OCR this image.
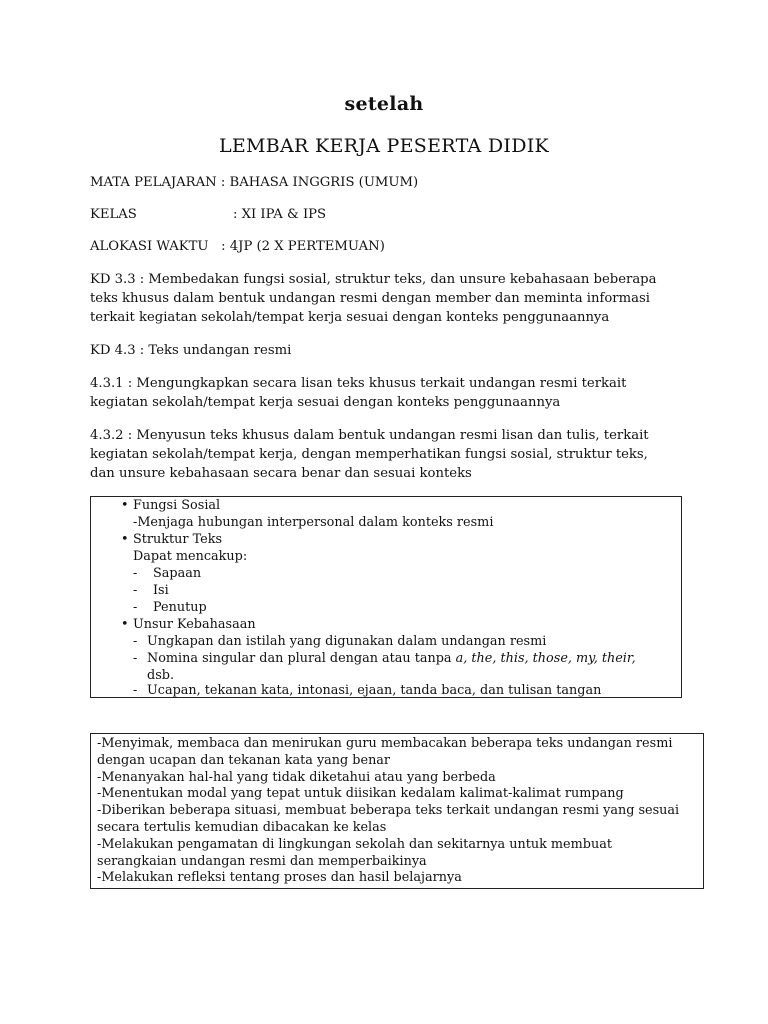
setelah
LEMBAR KERJA PESERTA DIDIK
MATA PELAJARAN : BAHASA INGGRIS (UMUM)
KELAS	: XI IPA & IPS
ALOKASI WAKTU   : 4JP (2 X PERTEMUAN)
KD 3.3 : Membedakan fungsi sosial, struktur teks, dan unsure kebahasaan beberapa
teks khusus dalam bentuk undangan resmi dengan member dan meminta informasi
terkait kegiatan sekolah/tempat kerja sesuai dengan konteks penggunaannya
KD 4.3 : Teks undangan resmi
4.3.1 : Mengungkapkan secara lisan teks khusus terkait undangan resmi terkait
kegiatan sekolah/tempat kerja sesuai dengan konteks penggunaannya
4.3.2 : Menyusun teks khusus dalam bentuk undangan resmi lisan dan tulis, terkait
kegiatan sekolah/tempat kerja, dengan memperhatikan fungsi sosial, struktur teks,
dan unsure kebahasaan secara benar dan sesuai konteks
• Fungsi Sosial
-Menjaga hubungan interpersonal dalam konteks resmi
• Struktur Teks
Dapat mencakup:
- Sapaan
- Isi
- Penutup
• Unsur Kebahasaan
- Ungkapan dan istilah yang digunakan dalam undangan resmi
- Nomina singular dan plural dengan atau tanpa a, the, this, those, my, their,
dsb.
- Ucapan, tekanan kata, intonasi, ejaan, tanda baca, dan tulisan tangan
-Menyimak, membaca dan menirukan guru membacakan beberapa teks undangan resmi
dengan ucapan dan tekanan kata yang benar
-Menanyakan hal-hal yang tidak diketahui atau yang berbeda
-Menentukan modal yang tepat untuk diisikan kedalam kalimat-kalimat rumpang
-Diberikan beberapa situasi, membuat beberapa teks terkait undangan resmi yang sesuai
secara tertulis kemudian dibacakan ke kelas
-Melakukan pengamatan di lingkungan sekolah dan sekitarnya untuk membuat
serangkaian undangan resmi dan memperbaikinya
-Melakukan refleksi tentang proses dan hasil belajarnya
